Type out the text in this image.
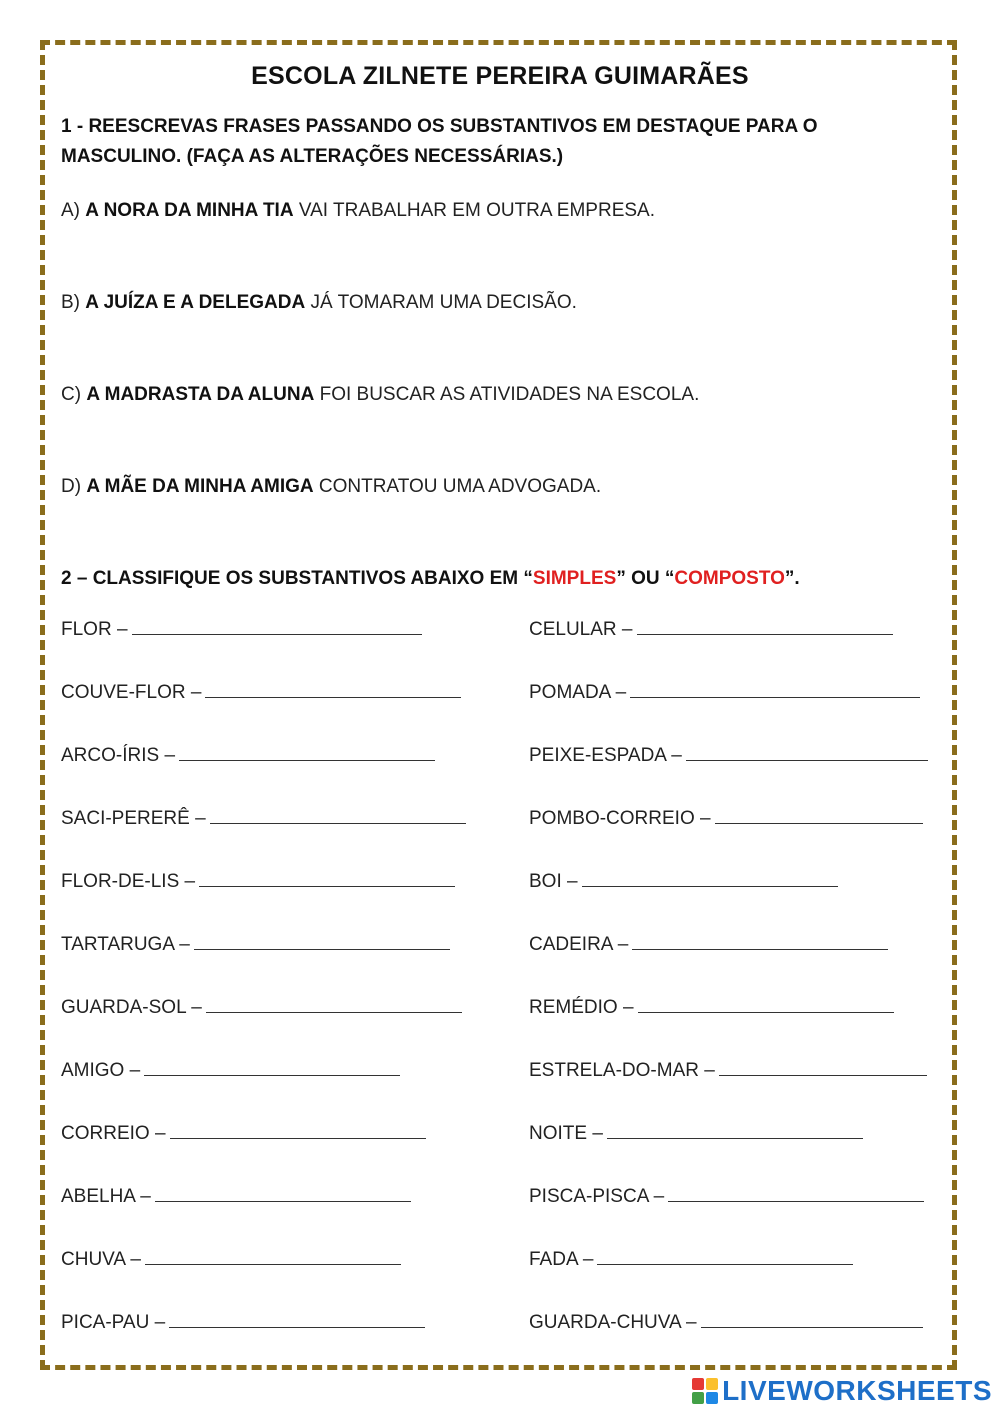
ESCOLA ZILNETE PEREIRA GUIMARÃES
1 - REESCREVAS FRASES PASSANDO OS SUBSTANTIVOS EM DESTAQUE PARA O
MASCULINO. (FAÇA AS ALTERAÇÕES NECESSÁRIAS.)
A) A NORA DA MINHA TIA VAI TRABALHAR EM OUTRA EMPRESA.
B) A JUÍZA E A DELEGADA JÁ TOMARAM UMA DECISÃO.
C) A MADRASTA DA ALUNA FOI BUSCAR AS ATIVIDADES NA ESCOLA.
D) A MÃE DA MINHA AMIGA CONTRATOU UMA ADVOGADA.
2 – CLASSIFIQUE OS SUBSTANTIVOS ABAIXO EM “SIMPLES” OU “COMPOSTO”.
FLOR –
COUVE-FLOR –
ARCO-ÍRIS –
SACI-PERERÊ –
FLOR-DE-LIS –
TARTARUGA –
GUARDA-SOL –
AMIGO –
CORREIO –
ABELHA –
CHUVA –
PICA-PAU –
CELULAR –
POMADA –
PEIXE-ESPADA –
POMBO-CORREIO –
BOI –
CADEIRA –
REMÉDIO –
ESTRELA-DO-MAR –
NOITE –
PISCA-PISCA –
FADA –
GUARDA-CHUVA –
LIVEWORKSHEETS
